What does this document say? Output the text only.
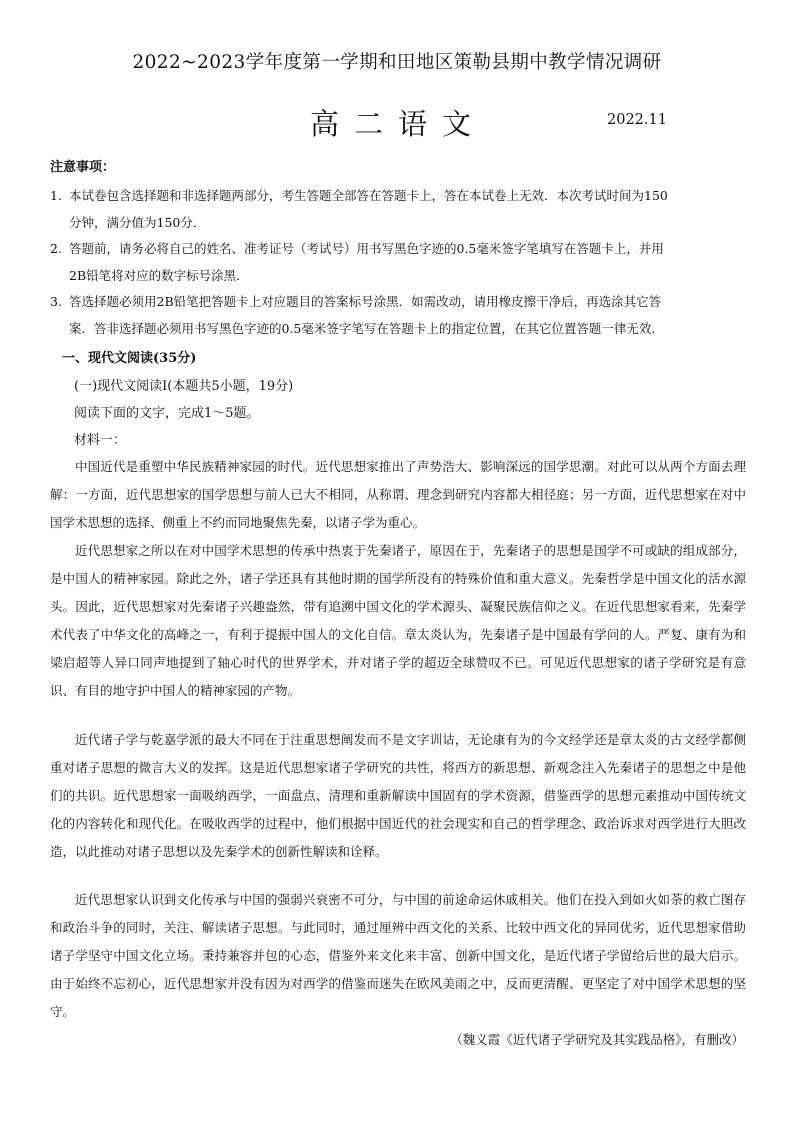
2022~2023学年度第一学期和田地区策勒县期中教学情况调研
高二语文	2022.11
注意事项：
1. 本试卷包含选择题和非选择题两部分，考生答题全部答在答题卡上，答在本试卷上无效．本次考试时间为150
分钟，满分值为150分．
2. 答题前，请务必将自己的姓名、准考证号（考试号）用书写黑色字迹的0.5毫米签字笔填写在答题卡上，并用
2B铅笔将对应的数字标号涂黑．
3. 答选择题必须用2B铅笔把答题卡上对应题目的答案标号涂黑．如需改动，请用橡皮擦干净后，再选涂其它答
案．答非选择题必须用书写黑色字迹的0.5毫米签字笔写在答题卡上的指定位置，在其它位置答题一律无效．
一、现代文阅读(35分)
(一)现代文阅读Ⅰ(本题共5小题，19分)
阅读下面的文字，完成1～5题。
材料一：
中国近代是重塑中华民族精神家园的时代。近代思想家推出了声势浩大、影响深远的国学思潮。对此可以从两个方面去理解：一方面，近代思想家的国学思想与前人已大不相同，从称谓、理念到研究内容都大相径庭；另一方面，近代思想家在对中国学术思想的选择、侧重上不约而同地聚焦先秦，以诸子学为重心。
近代思想家之所以在对中国学术思想的传承中热衷于先秦诸子，原因在于，先秦诸子的思想是国学不可或缺的组成部分，是中国人的精神家园。除此之外，诸子学还具有其他时期的国学所没有的特殊价值和重大意义。先秦哲学是中国文化的活水源头。因此，近代思想家对先秦诸子兴趣盎然，带有追溯中国文化的学术源头、凝聚民族信仰之义。在近代思想家看来，先秦学术代表了中华文化的高峰之一，有利于提振中国人的文化自信。章太炎认为，先秦诸子是中国最有学问的人。严复、康有为和梁启超等人异口同声地提到了轴心时代的世界学术，并对诸子学的超迈全球赞叹不已。可见近代思想家的诸子学研究是有意识、有目的地守护中国人的精神家园的产物。
近代诸子学与乾嘉学派的最大不同在于注重思想阐发而不是文字训诂，无论康有为的今文经学还是章太炎的古文经学都侧重对诸子思想的微言大义的发挥。这是近代思想家诸子学研究的共性，将西方的新思想、新观念注入先秦诸子的思想之中是他们的共识。近代思想家一面吸纳西学，一面盘点、清理和重新解读中国固有的学术资源，借鉴西学的思想元素推动中国传统文化的内容转化和现代化。在吸收西学的过程中，他们根据中国近代的社会现实和自己的哲学理念、政治诉求对西学进行大胆改造，以此推动对诸子思想以及先秦学术的创新性解读和诠释。
近代思想家认识到文化传承与中国的强弱兴衰密不可分，与中国的前途命运休戚相关。他们在投入到如火如荼的救亡图存和政治斗争的同时，关注、解读诸子思想。与此同时，通过厘辨中西文化的关系、比较中西文化的异同优劣，近代思想家借助诸子学坚守中国文化立场。秉持兼容并包的心态，借鉴外来文化来丰富、创新中国文化，是近代诸子学留给后世的最大启示。由于始终不忘初心，近代思想家并没有因为对西学的借鉴而迷失在欧风美雨之中，反而更清醒、更坚定了对中国学术思想的坚守。
（魏义霞《近代诸子学研究及其实践品格》，有删改）
